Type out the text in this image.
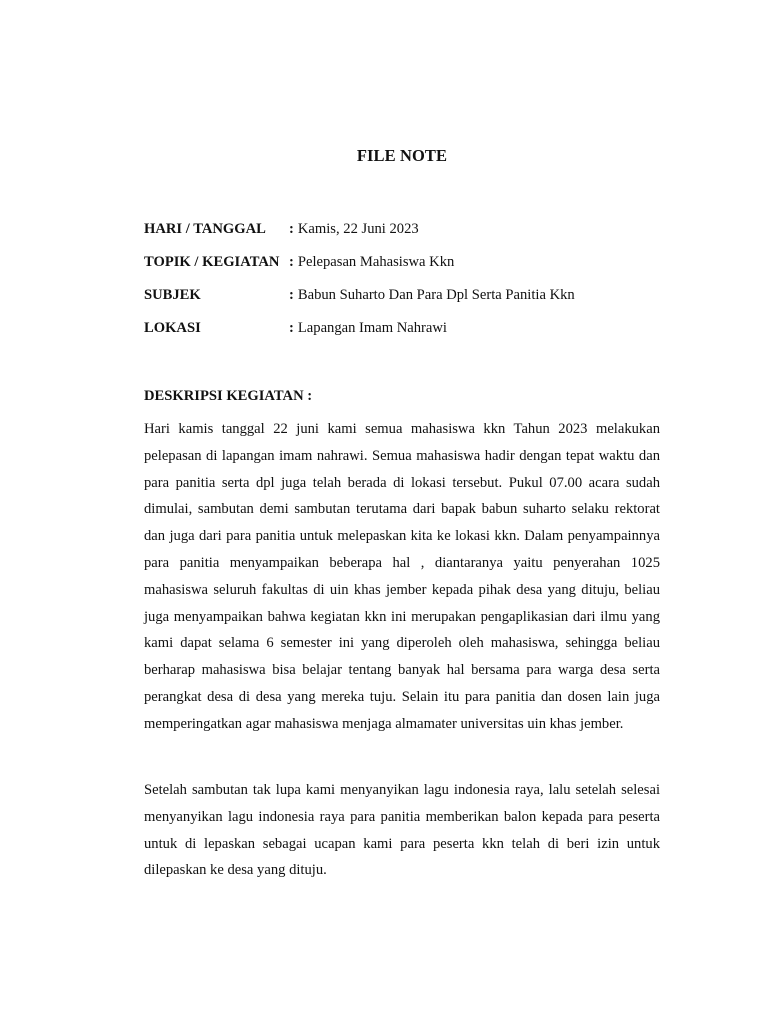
FILE NOTE
HARI / TANGGAL : Kamis, 22 Juni 2023
TOPIK / KEGIATAN : Pelepasan Mahasiswa Kkn
SUBJEK	: Babun Suharto Dan Para Dpl Serta Panitia Kkn
LOKASI	: Lapangan Imam Nahrawi
DESKRIPSI KEGIATAN :

Hari kamis tanggal 22 juni kami semua mahasiswa kkn Tahun 2023 melakukan pelepasan di lapangan imam nahrawi. Semua mahasiswa hadir dengan tepat waktu dan para panitia serta dpl juga telah berada di lokasi tersebut. Pukul 07.00 acara sudah dimulai, sambutan demi sambutan terutama dari bapak babun suharto selaku rektorat dan juga dari para panitia untuk melepaskan kita ke lokasi kkn. Dalam penyampainnya para panitia menyampaikan beberapa hal , diantaranya yaitu penyerahan 1025 mahasiswa seluruh fakultas di uin khas jember kepada pihak desa yang dituju, beliau juga menyampaikan bahwa kegiatan kkn ini merupakan pengaplikasian dari ilmu yang kami dapat selama 6 semester ini yang diperoleh oleh mahasiswa, sehingga beliau berharap mahasiswa bisa belajar tentang banyak hal bersama para warga desa serta perangkat desa di desa yang mereka tuju. Selain itu para panitia dan dosen lain juga memperingatkan agar mahasiswa menjaga almamater universitas uin khas jember.

Setelah sambutan tak lupa kami menyanyikan lagu indonesia raya, lalu setelah selesai menyanyikan lagu indonesia raya para panitia memberikan balon kepada para peserta untuk di lepaskan sebagai ucapan kami para peserta kkn telah di beri izin untuk dilepaskan ke desa yang dituju.
